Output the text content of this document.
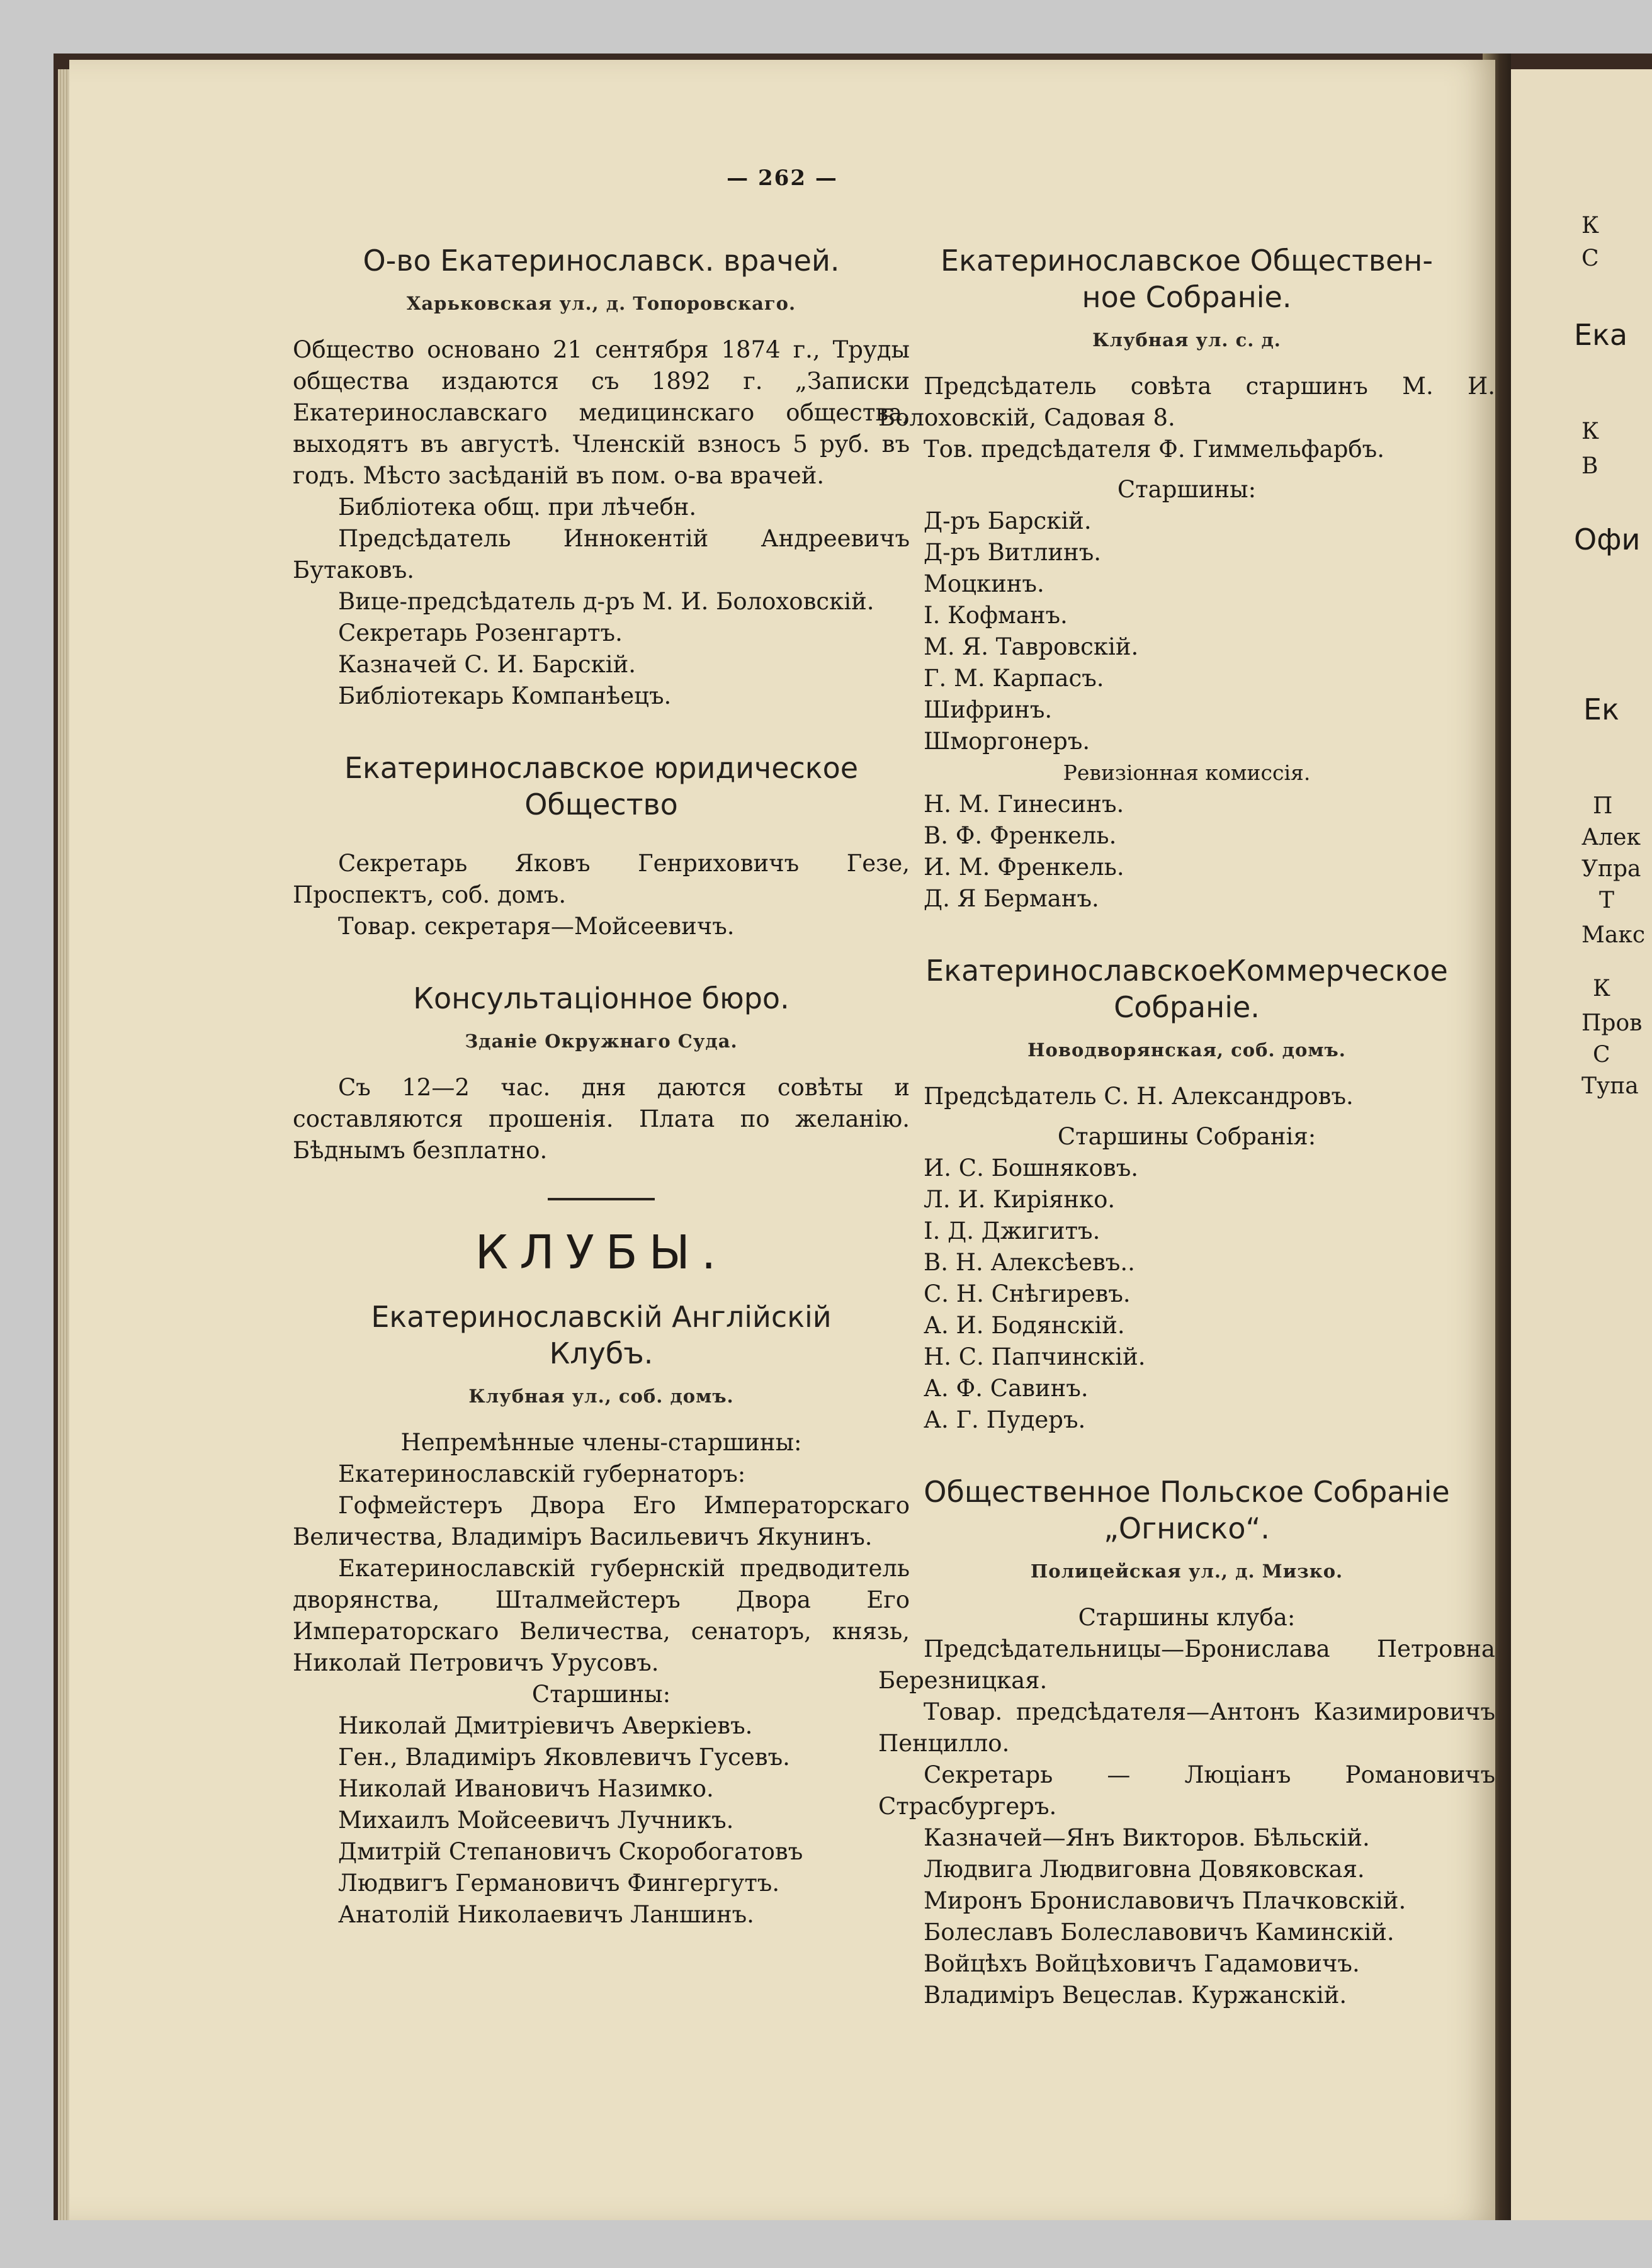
К
С
Ека
К
В
Офи
Ек
П
Алек
Упра
Т
Макс
К
Пров
С
Тупа
— 262 —
О-во Екатеринославск. врачей.
Харьковская ул., д. Топоровскаго.

Общество основано 21 сентября 1874 г., Труды общества издаются съ 1892 г. „Записки Екатеринославскаго медицинскаго общества, выходятъ въ августѣ. Членскій взносъ 5 руб. въ годъ. Мѣсто засѣданій въ пом. о-ва врачей.

Библіотека общ. при лѣчебн.

Предсѣдатель Иннокентій Андреевичъ Бутаковъ.

Вице-предсѣдатель д-ръ М. И. Болоховскій.

Секретарь Розенгартъ.
Казначей С. И. Барскій.
Библіотекарь Компанѣецъ.
Екатеринославское юридическое
Общество

Секретарь Яковъ Генриховичъ Гезе, Проспектъ, соб. домъ.

Товар. секретаря—Мойсеевичъ.

Консультаціонное бюро.
Зданіе Окружнаго Суда.

Съ 12—2 час. дня даются совѣты и составляются прошенія. Плата по желанію. Бѣднымъ безплатно.

КЛУБЫ.
Екатеринославскій Англійскій
Клубъ.
Клубная ул., соб. домъ.
Непремѣнные члены-старшины:
Екатеринославскій губернаторъ:

Гофмейстеръ Двора Его Императорскаго Величества, Владиміръ Васильевичъ Якунинъ.

Екатеринославскій губернскій предводитель дворянства, Шталмейстеръ Двора Его Императорскаго Величества, сенаторъ, князь, Николай Петровичъ Урусовъ.

Старшины:
Николай Дмитріевичъ Аверкіевъ.
Ген., Владиміръ Яковлевичъ Гусевъ.
Николай Ивановичъ Назимко.
Михаилъ Мойсеевичъ Лучникъ.
Дмитрій Степановичъ Скоробогатовъ
Людвигъ Германовичъ Фингергутъ.
Анатолій Николаевичъ Ланшинъ.
Екатеринославское Обществен-
ное Собраніе.
Клубная ул. с. д.

Предсѣдатель совѣта старшинъ М. И. Болоховскій, Садовая 8.

Тов. предсѣдателя Ф. Гиммельфарбъ.

Старшины:
Д-ръ Барскій.
Д-ръ Витлинъ.
Моцкинъ.
І. Кофманъ.
М. Я. Тавровскій.
Г. М. Карпасъ.
Шифринъ.
Шморгонеръ.
Ревизіонная комиссія.
Н. М. Гинесинъ.
В. Ф. Френкель.
И. М. Френкель.
Д. Я Берманъ.
ЕкатеринославскоеКоммерческое
Собраніе.
Новодворянская, соб. домъ.

Предсѣдатель С. Н. Александровъ.

Старшины Собранія:
И. С. Бошняковъ.
Л. И. Киріянко.
І. Д. Джигитъ.
В. Н. Алексѣевъ..
С. Н. Снѣгиревъ.
А. И. Бодянскій.
Н. С. Папчинскій.
А. Ф. Савинъ.
А. Г. Пудеръ.
Общественное Польское Собраніе
„Огниско“.
Полицейская ул., д. Мизко.
Старшины клуба:

Предсѣдательницы—Бронислава Петровна Березницкая.

Товар. предсѣдателя—Антонъ Казимировичъ Пенцилло.

Секретарь — Люціанъ Романовичъ Страсбургеръ.

Казначей—Янъ Викторов. Бѣльскій.
Людвига Людвиговна Довяковская.
Миронъ Брониславовичъ Плачковскій.
Болеславъ Болеславовичъ Каминскій.
Войцѣхъ Войцѣховичъ Гадамовичъ.
Владиміръ Вецеслав. Куржанскій.
